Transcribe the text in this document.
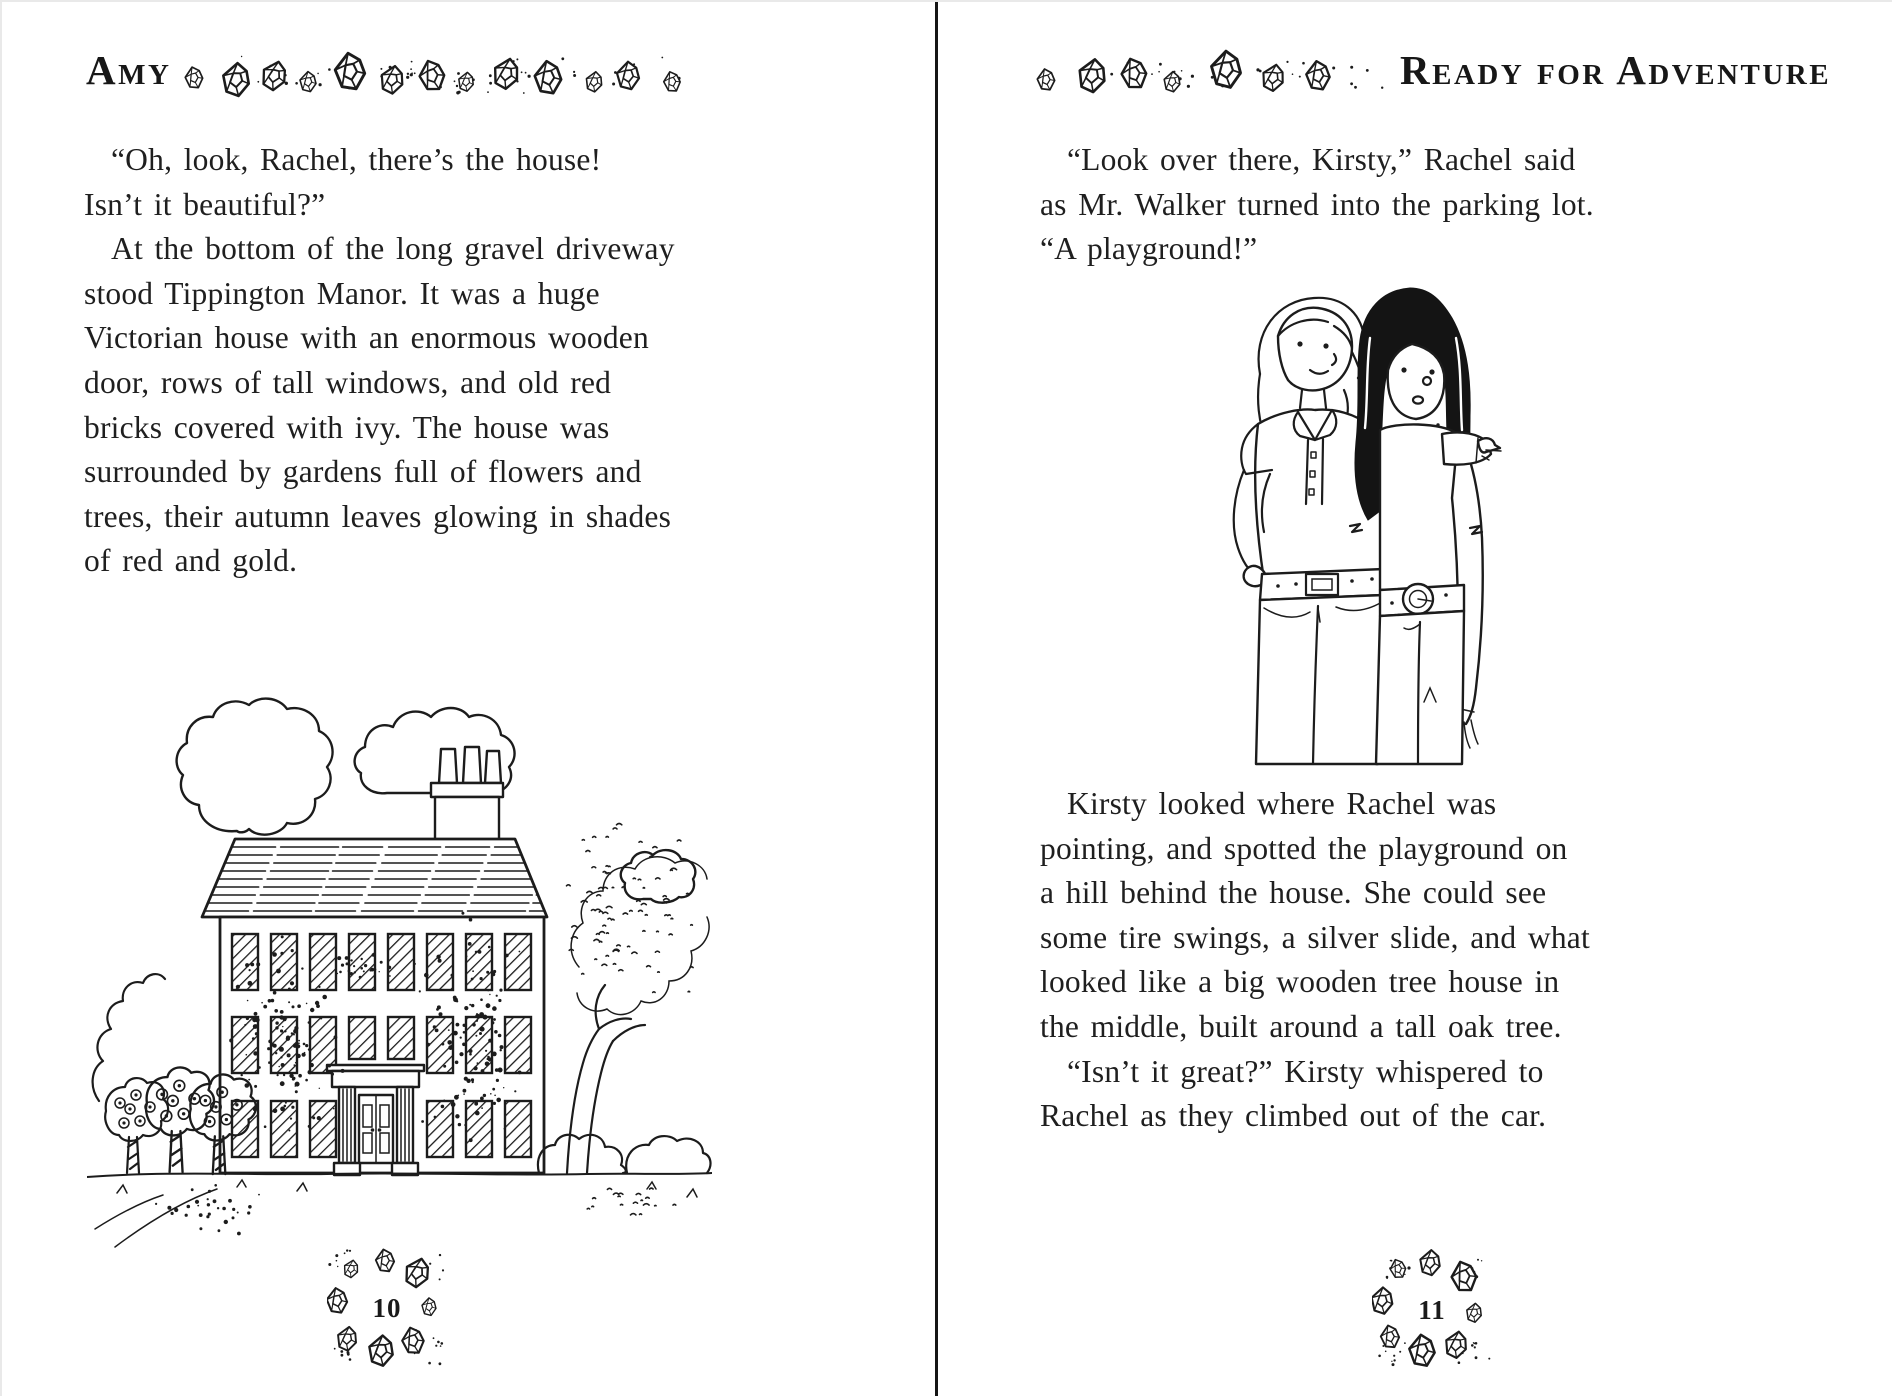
Amy
“Oh, look, Rachel, there’s the house!
Isn’t it beautiful?”
At the bottom of the long gravel driveway
stood Tippington Manor. It was a huge
Victorian house with an enormous wooden
door, rows of tall windows, and old red
bricks covered with ivy. The house was
surrounded by gardens full of flowers and
trees, their autumn leaves glowing in shades
of red and gold.
10
Ready for Adventure
“Look over there, Kirsty,” Rachel said
as Mr. Walker turned into the parking lot.
“A playground!”
Kirsty looked where Rachel was
pointing, and spotted the playground on
a hill behind the house. She could see
some tire swings, a silver slide, and what
looked like a big wooden tree house in
the middle, built around a tall oak tree.
“Isn’t it great?” Kirsty whispered to
Rachel as they climbed out of the car.
11
